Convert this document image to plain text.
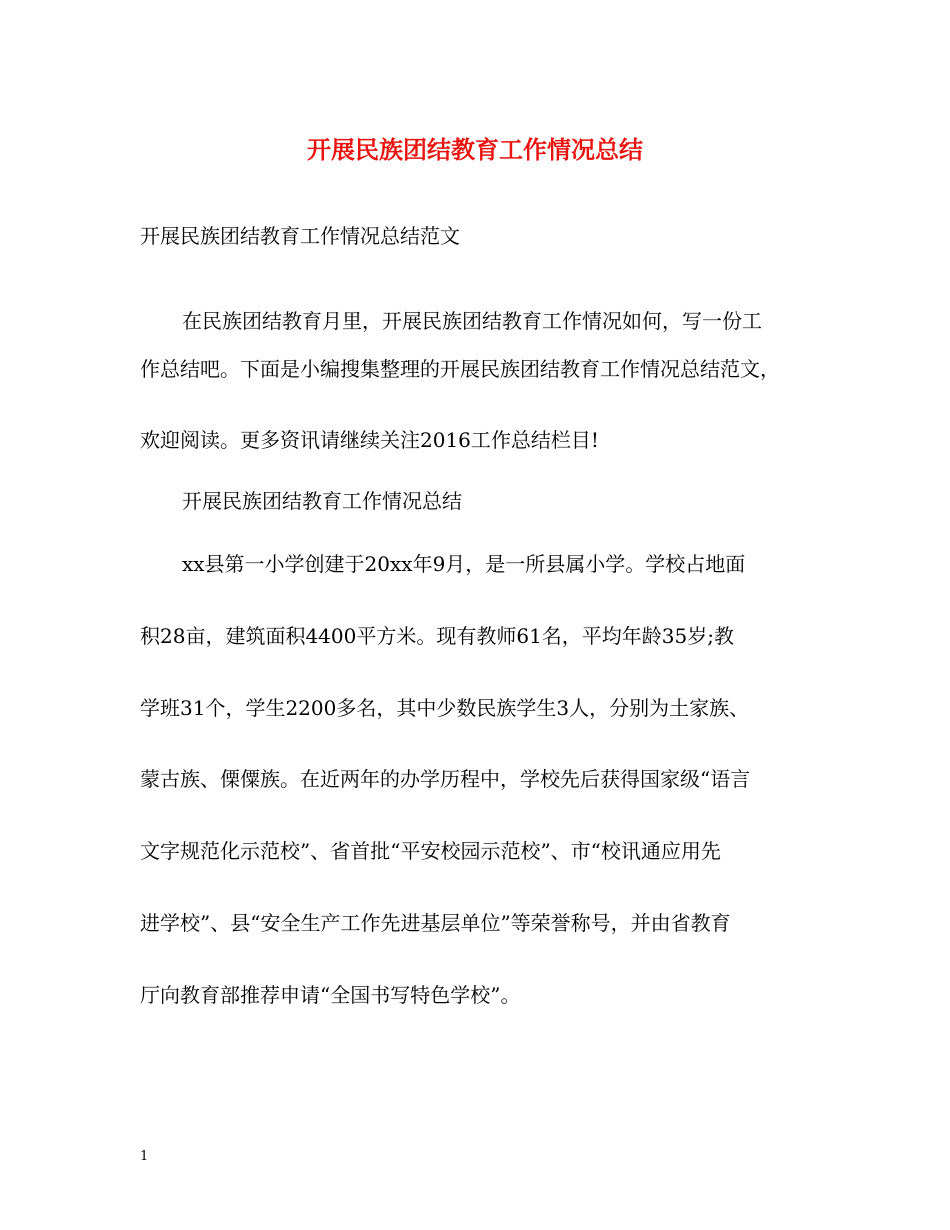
开展民族团结教育工作情况总结
开展民族团结教育工作情况总结范文
在民族团结教育月里，开展民族团结教育工作情况如何，写一份工
作总结吧。下面是小编搜集整理的开展民族团结教育工作情况总结范文，
欢迎阅读。更多资讯请继续关注2016工作总结栏目!
开展民族团结教育工作情况总结
xx县第一小学创建于20xx年9月，是一所县属小学。学校占地面
积28亩，建筑面积4400平方米。现有教师61名，平均年龄35岁;教
学班31个，学生2200多名，其中少数民族学生3人，分别为土家族、
蒙古族、傈僳族。在近两年的办学历程中，学校先后获得国家级“语言
文字规范化示范校”、省首批“平安校园示范校”、市“校讯通应用先
进学校”、县“安全生产工作先进基层单位”等荣誉称号，并由省教育
厅向教育部推荐申请“全国书写特色学校”。
1
